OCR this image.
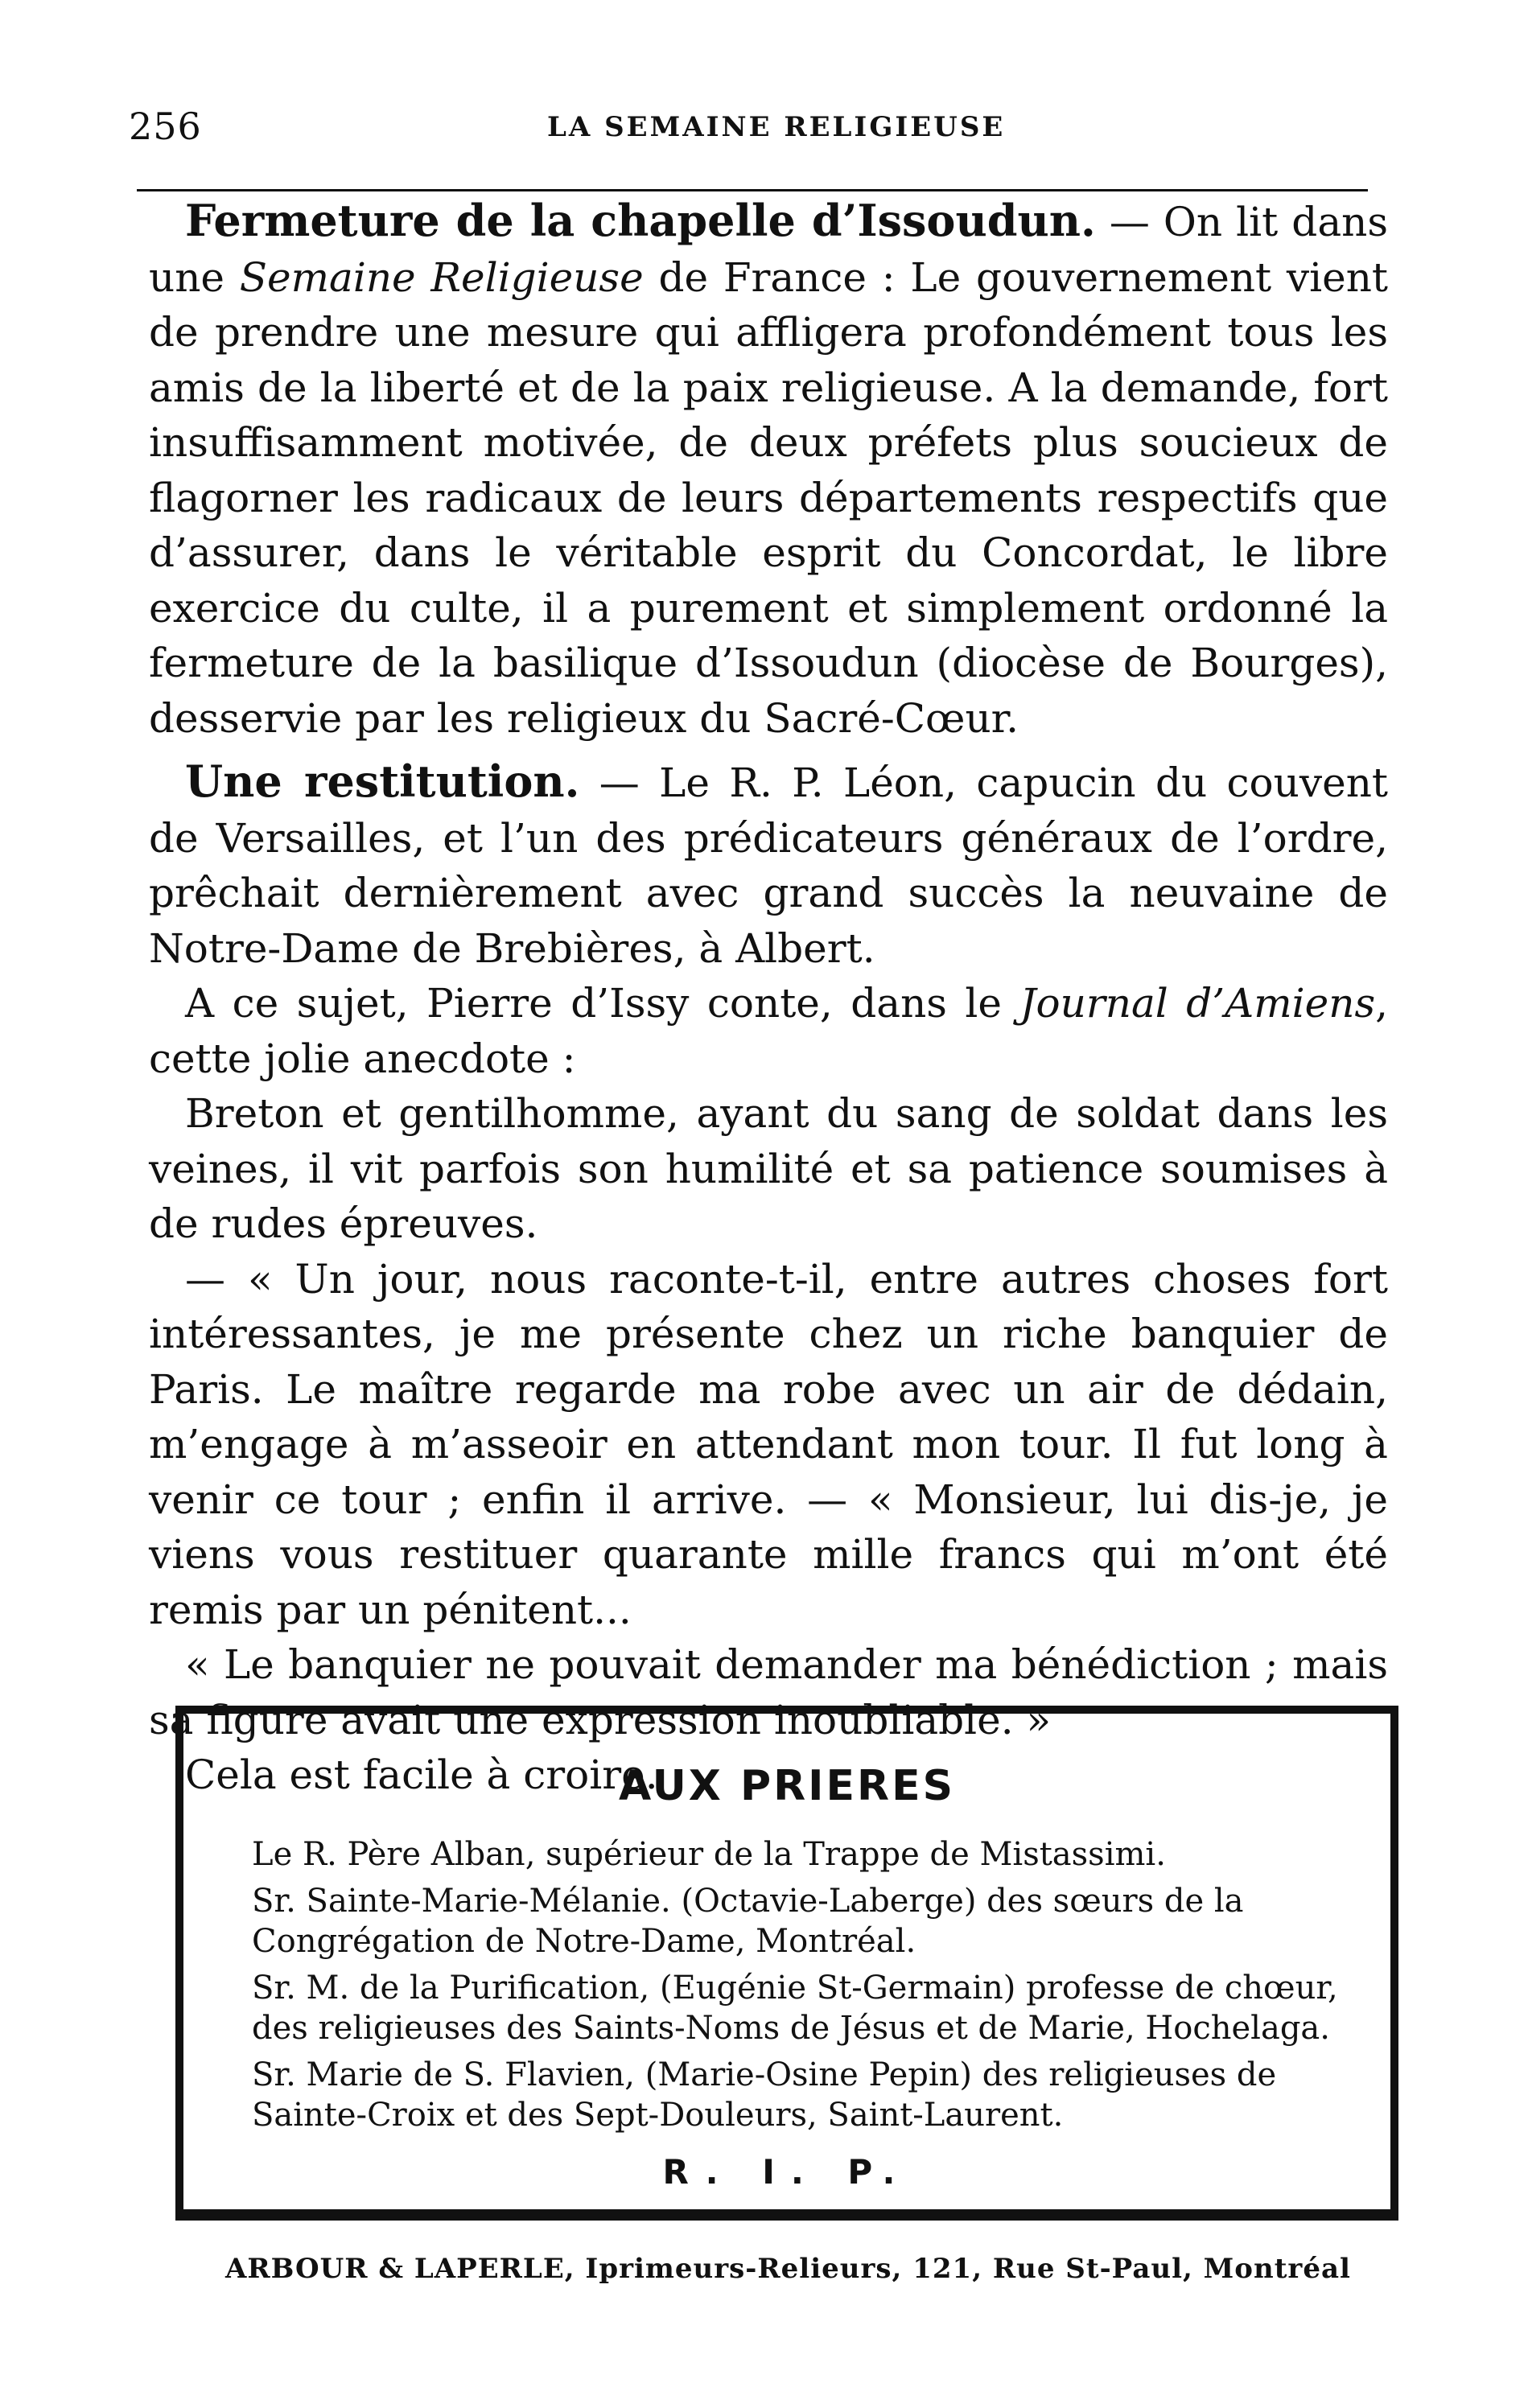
256	LA SEMAINE RELIGIEUSE

Fermeture de la chapelle d’Issoudun. — On lit dans une Semaine Religieuse de France : Le gouvernement vient de prendre une mesure qui affligera profondément tous les amis de la liberté et de la paix religieuse. A la demande, fort insuffisamment motivée, de deux préfets plus soucieux de flagorner les radicaux de leurs départements respectifs que d’assurer, dans le véritable esprit du Concordat, le libre exercice du culte, il a purement et simplement ordonné la fermeture de la basilique d’Issoudun (diocèse de Bourges), desservie par les religieux du Sacré-Cœur.

Une restitution. — Le R. P. Léon, capucin du couvent de Versailles, et l’un des prédicateurs généraux de l’ordre, prêchait dernièrement avec grand succès la neuvaine de Notre-Dame de Brebières, à Albert.

A ce sujet, Pierre d’Issy conte, dans le Journal d’Amiens, cette jolie anecdote :

Breton et gentilhomme, ayant du sang de soldat dans les veines, il vit parfois son humilité et sa patience soumises à de rudes épreuves.

— « Un jour, nous raconte-t-il, entre autres choses fort intéressantes, je me présente chez un riche banquier de Paris. Le maître regarde ma robe avec un air de dédain, m’engage à m’asseoir en attendant mon tour. Il fut long à venir ce tour ; enfin il arrive. — « Monsieur, lui dis-je, je viens vous restituer quarante mille francs qui m’ont été remis par un pénitent...

« Le banquier ne pouvait demander ma bénédiction ; mais sa figure avait une expression inoubliable. »

Cela est facile à croire.

AUX PRIERES

Le R. Père Alban, supérieur de la Trappe de Mistassimi.

Sr. Sainte-Marie-Mélanie. (Octavie-Laberge) des sœurs de la Congrégation de Notre-Dame, Montréal.

Sr. M. de la Purification, (Eugénie St-Germain) professe de chœur, des religieuses des Saints-Noms de Jésus et de Marie, Hochelaga.

Sr. Marie de S. Flavien, (Marie-Osine Pepin) des religieuses de Sainte-Croix et des Sept-Douleurs, Saint-Laurent.

R. I. P.
ARBOUR & LAPERLE, Iprimeurs-Relieurs, 121, Rue St-Paul, Montréal
